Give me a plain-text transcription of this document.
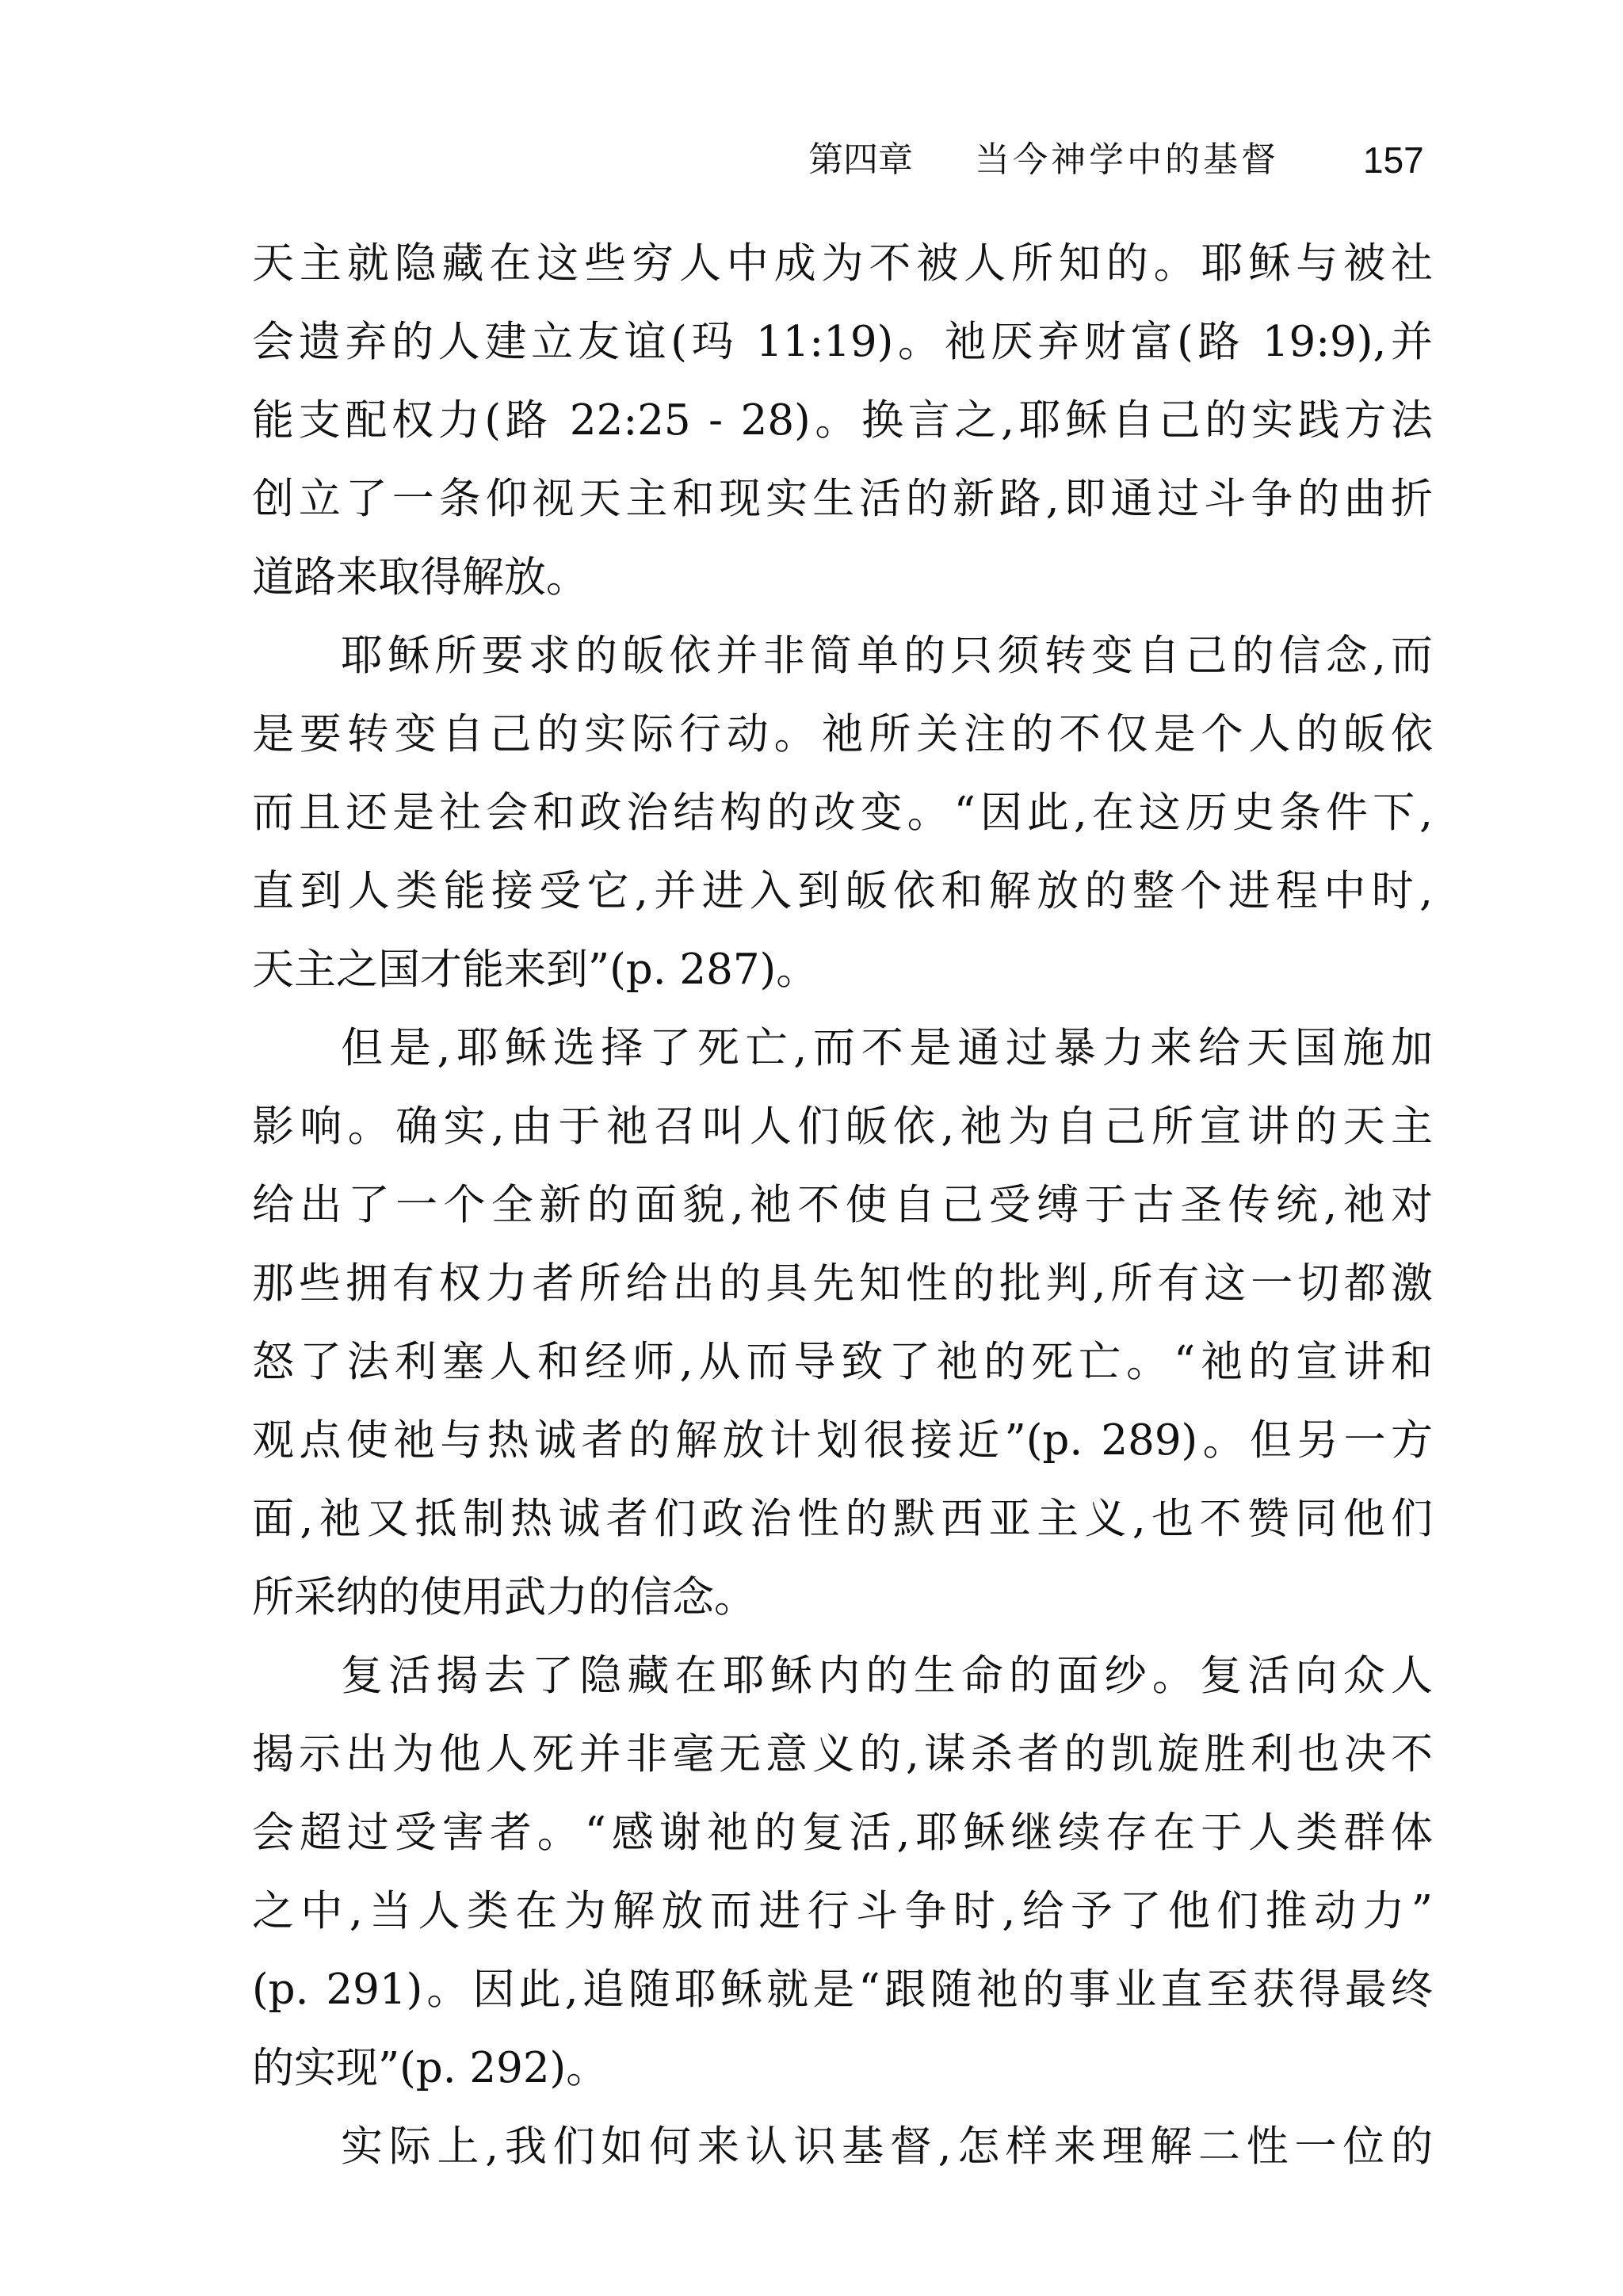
第四章 当今神学中的基督 157
天主就隐藏在这些穷人中成为不被人所知的。耶稣与被社
会遗弃的人建立友谊(玛 11:19)。祂厌弃财富(路 19:9),并
能支配权力(路 22:25 - 28)。换言之,耶稣自己的实践方法
创立了一条仰视天主和现实生活的新路,即通过斗争的曲折
道路来取得解放。
耶稣所要求的皈依并非简单的只须转变自己的信念,而
是要转变自己的实际行动。祂所关注的不仅是个人的皈依
而且还是社会和政治结构的改变。“因此,在这历史条件下,
直到人类能接受它,并进入到皈依和解放的整个进程中时,
天主之国才能来到”(p. 287)。
但是,耶稣选择了死亡,而不是通过暴力来给天国施加
影响。确实,由于祂召叫人们皈依,祂为自己所宣讲的天主
给出了一个全新的面貌,祂不使自己受缚于古圣传统,祂对
那些拥有权力者所给出的具先知性的批判,所有这一切都激
怒了法利塞人和经师,从而导致了祂的死亡。“祂的宣讲和
观点使祂与热诚者的解放计划很接近”(p. 289)。但另一方
面,祂又抵制热诚者们政治性的默西亚主义,也不赞同他们
所采纳的使用武力的信念。
复活揭去了隐藏在耶稣内的生命的面纱。复活向众人
揭示出为他人死并非毫无意义的,谋杀者的凯旋胜利也决不
会超过受害者。“感谢祂的复活,耶稣继续存在于人类群体
之中,当人类在为解放而进行斗争时,给予了他们推动力”
(p. 291)。因此,追随耶稣就是“跟随祂的事业直至获得最终
的实现”(p. 292)。
实际上,我们如何来认识基督,怎样来理解二性一位的
